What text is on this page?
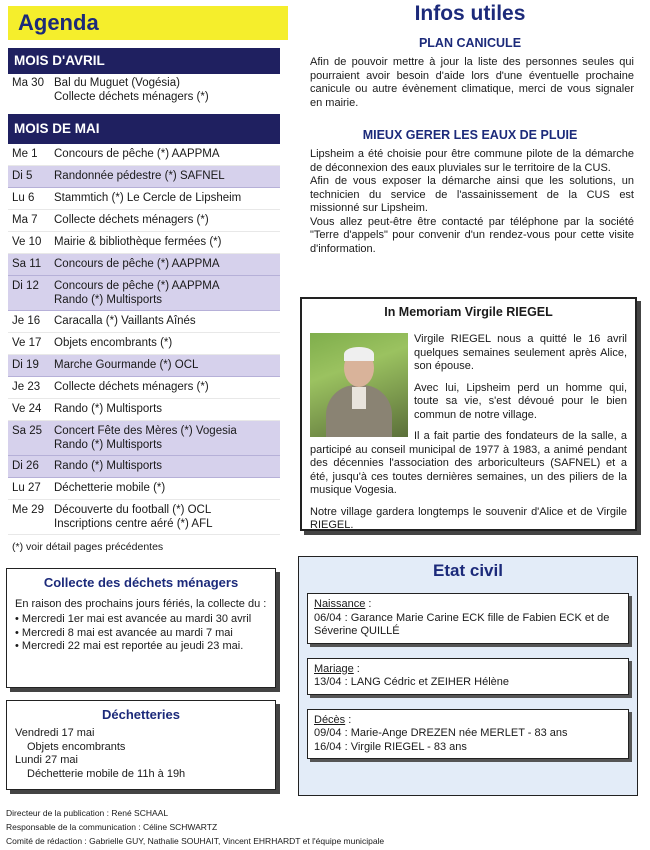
Agenda
MOIS D'AVRIL
Ma 30 Bal du Muguet (Vogésia)
Collecte déchets ménagers (*)
MOIS DE MAI
Me 1	Concours de pêche (*) AAPPMA
Di 5	Randonnée pédestre (*) SAFNEL
Lu 6	Stammtich (*) Le Cercle de Lipsheim
Ma 7	Collecte déchets ménagers (*)
Ve 10	Mairie & bibliothèque fermées (*)
Sa 11	Concours de pêche (*) AAPPMA
Di 12	Concours de pêche (*) AAPPMA
Rando (*) Multisports
Je 16	Caracalla (*) Vaillants Aînés
Ve 17	Objets encombrants (*)
Di 19	Marche Gourmande (*) OCL
Je 23	Collecte déchets ménagers (*)
Ve 24	Rando (*) Multisports
Sa 25	Concert Fête des Mères (*) Vogesia
Rando (*) Multisports
Di 26	Rando (*) Multisports
Lu 27	Déchetterie mobile (*)
Me 29 Découverte du football (*) OCL
Inscriptions centre aéré (*) AFL
(*) voir détail pages précédentes
Infos utiles
PLAN CANICULE

Afin de pouvoir mettre à jour la liste des personnes seules qui pourraient avoir besoin d'aide lors d'une éventuelle prochaine canicule ou autre évènement climatique, merci de vous signaler en mairie.

MIEUX GERER LES EAUX DE PLUIE

Lipsheim a été choisie pour être commune pilote de la démarche de déconnexion des eaux pluviales sur le territoire de la CUS.

Afin de vous exposer la démarche ainsi que les solutions, un technicien du service de l'assainissement de la CUS est missionné sur Lipsheim.

Vous allez peut-être être contacté par téléphone par la société "Terre d'appels" pour convenir d'un rendez-vous pour cette visite d'information.

In Memoriam Virgile RIEGEL

Virgile RIEGEL nous a quitté le 16 avril quelques semaines seulement après Alice, son épouse.

Avec lui, Lipsheim perd un homme qui, toute sa vie, s'est dévoué pour le bien commun de notre village.

Il a fait partie des fondateurs de la salle, a participé au conseil municipal de 1977 à 1983, a animé pendant des décennies l'association des arboriculteurs (SAFNEL) et a été, jusqu'à ces toutes dernières semaines, un des piliers de la musique Vogesia.

Notre village gardera longtemps le souvenir d'Alice et de Virgile RIEGEL.

Etat civil
Naissance :
06/04 : Garance Marie Carine ECK fille de Fabien ECK et de Séverine QUILLÉ
Mariage :
13/04 : LANG Cédric et ZEIHER Hélène
Décès :
09/04 : Marie-Ange DREZEN née MERLET - 83 ans
16/04 : Virgile RIEGEL - 83 ans
Collecte des déchets ménagers
En raison des prochains jours fériés, la collecte du :
• Mercredi 1er mai est avancée au mardi 30 avril
• Mercredi 8 mai est avancée au mardi 7 mai
• Mercredi 22 mai est reportée au jeudi 23 mai.
Déchetteries
Vendredi 17 mai
Objets encombrants
Lundi 27 mai
Déchetterie mobile de 11h à 19h
Directeur de la publication : René SCHAAL
Responsable de la communication : Céline SCHWARTZ
Comité de rédaction : Gabrielle GUY, Nathalie SOUHAIT, Vincent EHRHARDT et l'équipe municipale
